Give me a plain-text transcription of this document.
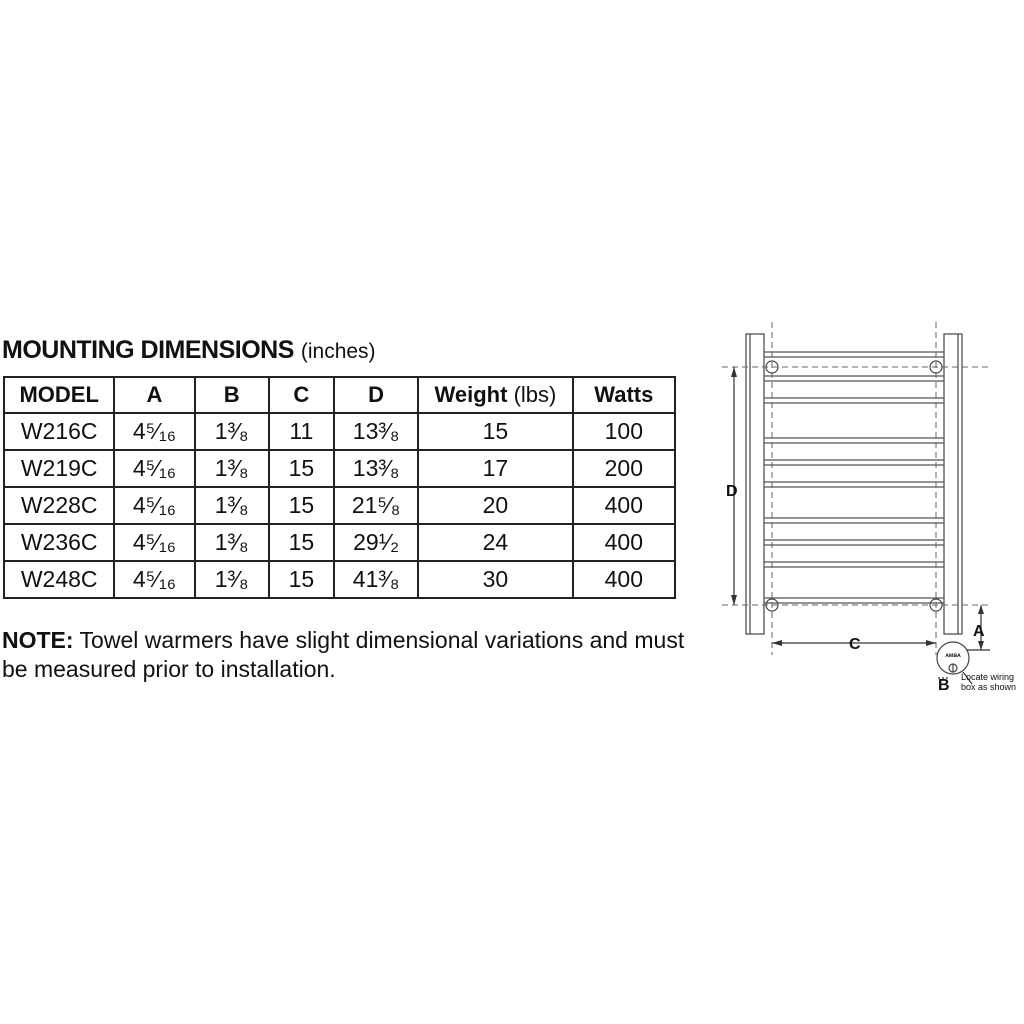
MOUNTING DIMENSIONS (inches)
MODEL	A	B	C	D	Weight (lbs)	Watts
W216C	4⁵⁄₁₆	1³⁄₈	11	13³⁄₈	15	100
W219C	4⁵⁄₁₆	1³⁄₈	15	13³⁄₈	17	200
W228C	4⁵⁄₁₆	1³⁄₈	15	21⁵⁄₈	20	400
W236C	4⁵⁄₁₆	1³⁄₈	15	29¹⁄₂	24	400
W248C	4⁵⁄₁₆	1³⁄₈	15	41³⁄₈	30	400
NOTE: Towel warmers have slight dimensional variations and must be measured prior to installation.
D
C
A
B
ᴀᴍʙᴀ
Locate wiring
box as shown
